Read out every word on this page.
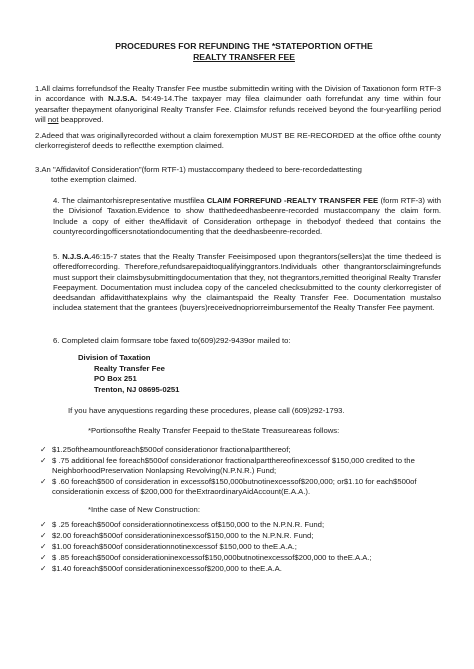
PROCEDURES FOR REFUNDING THE *STATEPORTION OFTHE
REALTY TRANSFER FEE

1.All claims forrefundsof the Realty Transfer Fee mustbe submittedin writing with the Division of Taxationon form RTF-3 in accordance with N.J.S.A. 54:49-14.The taxpayer may filea claimunder oath forrefundat any time within four yearsafter thepayment ofanyoriginal Realty Transfer Fee. Claimsfor refunds received beyond the four-yearfiling period will not beapproved.

2.Adeed that was originallyrecorded without a claim forexemption MUST BE RE-RECORDED at the office ofthe county clerkorregisterof deeds to reflectthe exemption claimed.

3.An "Affidavitof Consideration"(form RTF-1) mustaccompany thedeed to bere-recordedattesting
tothe exemption claimed.

4. The claimantorhisrepresentative mustfilea CLAIM FORREFUND -REALTY TRANSFER FEE (form RTF-3) with the Divisionof Taxation.Evidence to show thatthedeedhasbeenre-recorded mustaccompany the claim form. Include a copy of either theAffidavit of Consideration orthepage in thebodyof thedeed that contains the countyrecordingofficersnotationdocumenting that the deedhasbeenre-recorded.

5. N.J.S.A.46:15-7 states that the Realty Transfer Feeisimposed upon thegrantors(sellers)at the time thedeed is offeredforrecording. Therefore,refundsarepaidtoqualifyinggrantors.Individuals other thangrantorsclaimingrefunds must support their claimsbysubmittingdocumentation that they, not thegrantors,remitted theoriginal Realty Transfer Feepayment. Documentation must includea copy of the canceled checksubmitted to the county clerkorregister of deedsandan affidavitthatexplains why the claimantspaid the Realty Transfer Fee. Documentation mustalso includea statement that the grantees (buyers)receivednopriorreimbursementof the Realty Transfer Fee payment.

6. Completed claim formsare tobe faxed to(609)292-9439or mailed to:

Division of Taxation
Realty Transfer Fee
PO Box 251
Trenton, NJ 08695-0251

If you have anyquestions regarding these procedures, please call (609)292-1793.

*Portionsofthe Realty Transfer Feepaid to theState Treasureareas follows:

✓ $1.25oftheamountforeach$500of considerationor fractionalpartthereof;
✓ $ .75 additional fee foreach$500of considerationor fractionalpartthereofinexcessof $150,000 credited to the NeighborhoodPreservation Nonlapsing Revolving(N.P.N.R.) Fund;
✓ $ .60 foreach$500 of consideration in excessof$150,000butnotinexcessof$200,000; or$1.10 for each$500of considerationin excess of $200,000 for theExtraordinaryAidAccount(E.A.A.).

*Inthe case of New Construction:

✓ $ .25 foreach$500of considerationnotinexcess of$150,000 to the N.P.N.R. Fund;
✓ $2.00 foreach$500of considerationinexcessof$150,000 to the N.P.N.R. Fund;
✓ $1.00 foreach$500of considerationnotinexcessof $150,000 to theE.A.A.;
✓ $ .85 foreach$500of considerationinexcessof$150,000butnotinexcessof$200,000 to theE.A.A.;
✓ $1.40 foreach$500of considerationinexcessof$200,000 to theE.A.A.
